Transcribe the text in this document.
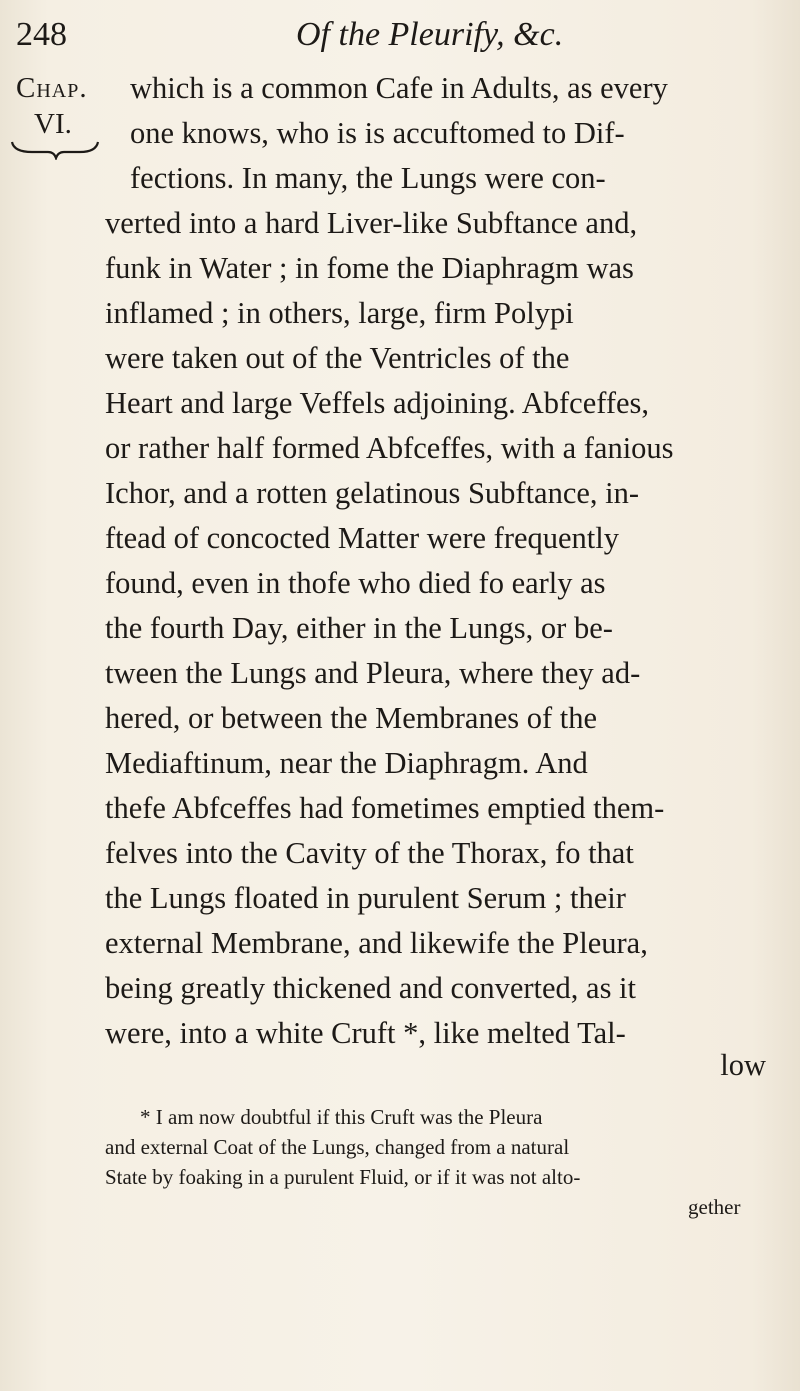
248	Of the Pleurify, &c.
Chap.
VI.
which is a common Cafe in Adults, as every
one knows, who is is accuftomed to Dif-
fections. In many, the Lungs were con-
verted into a hard Liver-like Subftance and,
funk in Water ; in fome the Diaphragm was
inflamed ; in others, large, firm Polypi
were taken out of the Ventricles of the
Heart and large Veffels adjoining. Abfceffes,
or rather half formed Abfceffes, with a fanious
Ichor, and a rotten gelatinous Subftance, in-
ftead of concocted Matter were frequently
found, even in thofe who died fo early as
the fourth Day, either in the Lungs, or be-
tween the Lungs and Pleura, where they ad-
hered, or between the Membranes of the
Mediaftinum, near the Diaphragm. And
thefe Abfceffes had fometimes emptied them-
felves into the Cavity of the Thorax, fo that
the Lungs floated in purulent Serum ; their
external Membrane, and likewife the Pleura,
being greatly thickened and converted, as it
were, into a white Cruft *, like melted Tal-
low
* I am now doubtful if this Cruft was the Pleura
and external Coat of the Lungs, changed from a natural
State by foaking in a purulent Fluid, or if it was not alto-
gether
